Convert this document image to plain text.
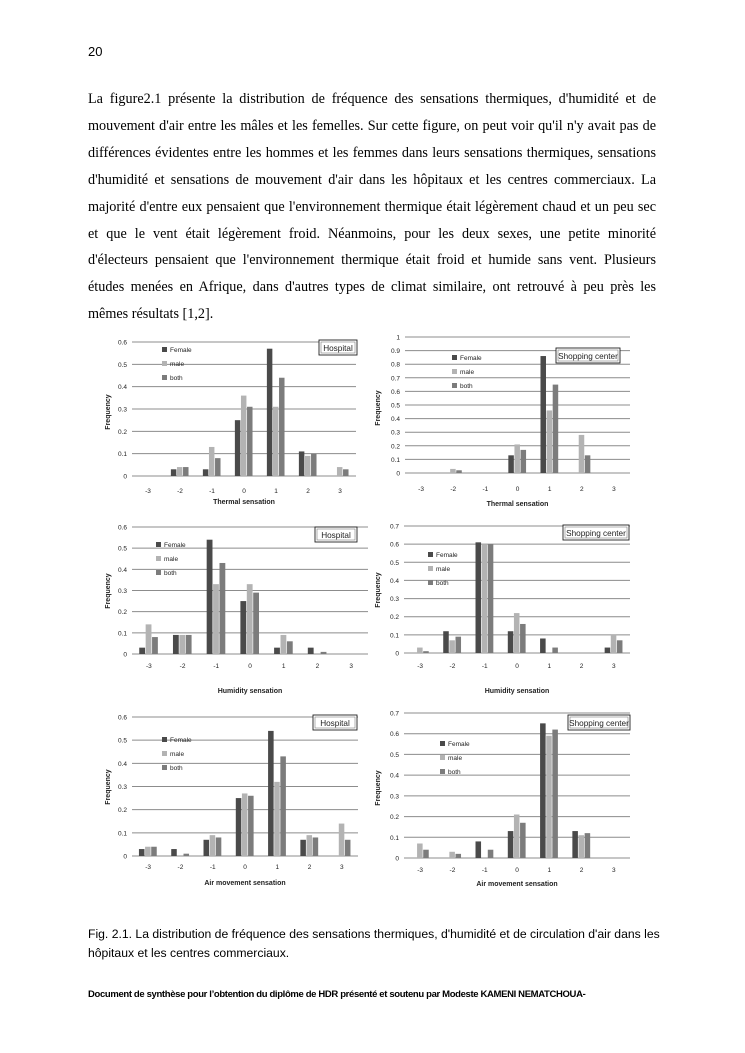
20
La figure2.1 présente la distribution de fréquence des sensations thermiques, d'humidité et de mouvement d'air entre les mâles et les femelles. Sur cette figure, on peut voir qu'il n'y avait pas de différences évidentes entre les hommes et les femmes dans leurs sensations thermiques, sensations d'humidité et sensations de mouvement d'air dans les hôpitaux et les centres commerciaux. La majorité d'entre eux pensaient que l'environnement thermique était légèrement chaud et un peu sec et que le vent était légèrement froid. Néanmoins, pour les deux sexes, une petite minorité d'électeurs pensaient que l'environnement thermique était froid et humide sans vent. Plusieurs études menées en Afrique, dans d'autres types de climat similaire, ont retrouvé à peu près les mêmes résultats [1,2].
0
0.1
0.2
0.3
0.4
0.5
0.6
-3	-2	-1	0	1	2	3
Thermal sensation
Frequency
Hospital
Female
male
both
0
0.1
0.2
0.3
0.4
0.5
0.6
0.7
0.8
0.9
1
-3	-2	-1	0	1	2	3
Thermal sensation
Frequency
Shopping center
Female
male
both
0
0.1
0.2
0.3
0.4
0.5
0.6
-3	-2	-1	0	1	2	3
Humidity sensation
Frequency
Hospital
Female
male
both
0
0.1
0.2
0.3
0.4
0.5
0.6
0.7
-3	-2	-1	0	1	2	3
Humidity sensation
Frequency
Shopping center
Female
male
both
0
0.1
0.2
0.3
0.4
0.5
0.6
-3	-2	-1	0	1	2	3
Air movement sensation
Frequency
Hospital
Female
male
both
0
0.1
0.2
0.3
0.4
0.5
0.6
0.7
-3	-2	-1	0	1	2	3
Air movement sensation
Frequency
Shopping center
Female
male
both
Fig. 2.1. La distribution de fréquence des sensations thermiques, d'humidité et de circulation d'air dans les hôpitaux et les centres commerciaux.
Document de synthèse pour l’obtention du diplôme de HDR présenté et soutenu par Modeste KAMENI NEMATCHOUA-
